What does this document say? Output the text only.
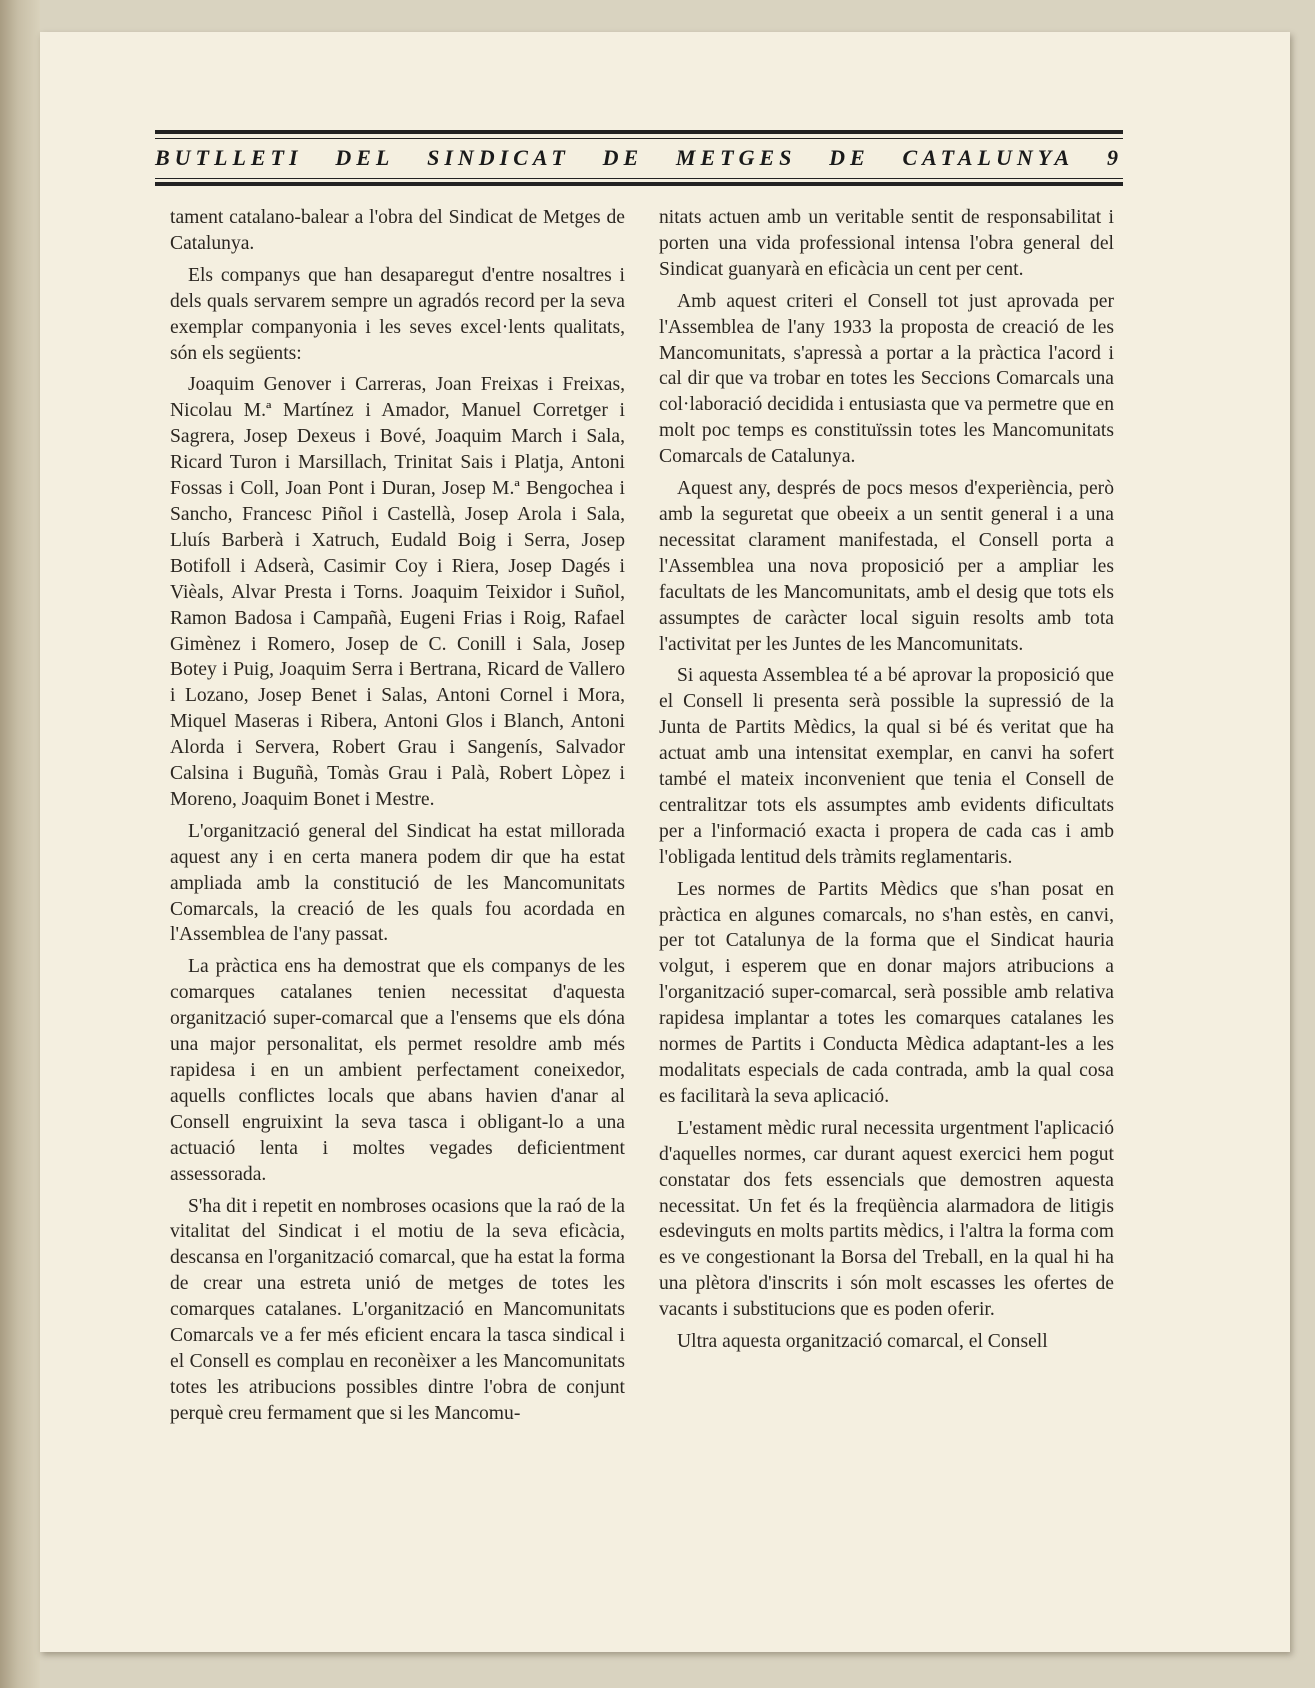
BUTLLETI DEL SINDICAT DE METGES DE CATALUNYA 9

tament catalano-balear a l'obra del Sindicat de Metges de Catalunya.

Els companys que han desaparegut d'entre nosaltres i dels quals servarem sempre un agradós record per la seva exemplar companyonia i les seves excel·lents qualitats, són els següents:

Joaquim Genover i Carreras, Joan Freixas i Freixas, Nicolau M.ª Martínez i Amador, Manuel Corretger i Sagrera, Josep Dexeus i Bové, Joaquim March i Sala, Ricard Turon i Marsillach, Trinitat Sais i Platja, Antoni Fossas i Coll, Joan Pont i Duran, Josep M.ª Bengochea i Sancho, Francesc Piñol i Castellà, Josep Arola i Sala, Lluís Barberà i Xatruch, Eudald Boig i Serra, Josep Botifoll i Adserà, Casimir Coy i Riera, Josep Dagés i Vièals, Alvar Presta i Torns. Joaquim Teixidor i Suñol, Ramon Badosa i Campañà, Eugeni Frias i Roig, Rafael Gimènez i Romero, Josep de C. Conill i Sala, Josep Botey i Puig, Joaquim Serra i Bertrana, Ricard de Vallero i Lozano, Josep Benet i Salas, Antoni Cornel i Mora, Miquel Maseras i Ribera, Antoni Glos i Blanch, Antoni Alorda i Servera, Robert Grau i Sangenís, Salvador Calsina i Buguñà, Tomàs Grau i Palà, Robert Lòpez i Moreno, Joaquim Bonet i Mestre.

L'organització general del Sindicat ha estat millorada aquest any i en certa manera podem dir que ha estat ampliada amb la constitució de les Mancomunitats Comarcals, la creació de les quals fou acordada en l'Assemblea de l'any passat.

La pràctica ens ha demostrat que els companys de les comarques catalanes tenien necessitat d'aquesta organització super-comarcal que a l'ensems que els dóna una major personalitat, els permet resoldre amb més rapidesa i en un ambient perfectament coneixedor, aquells conflictes locals que abans havien d'anar al Consell engruixint la seva tasca i obligant-lo a una actuació lenta i moltes vegades deficientment assessorada.

S'ha dit i repetit en nombroses ocasions que la raó de la vitalitat del Sindicat i el motiu de la seva eficàcia, descansa en l'organització comarcal, que ha estat la forma de crear una estreta unió de metges de totes les comarques catalanes. L'organització en Mancomunitats Comarcals ve a fer més eficient encara la tasca sindical i el Consell es complau en reconèixer a les Mancomunitats totes les atribucions possibles dintre l'obra de conjunt perquè creu fermament que si les Mancomu-

nitats actuen amb un veritable sentit de responsabilitat i porten una vida professional intensa l'obra general del Sindicat guanyarà en eficàcia un cent per cent.

Amb aquest criteri el Consell tot just aprovada per l'Assemblea de l'any 1933 la proposta de creació de les Mancomunitats, s'apressà a portar a la pràctica l'acord i cal dir que va trobar en totes les Seccions Comarcals una col·laboració decidida i entusiasta que va permetre que en molt poc temps es constituïssin totes les Mancomunitats Comarcals de Catalunya.

Aquest any, després de pocs mesos d'experiència, però amb la seguretat que obeeix a un sentit general i a una necessitat clarament manifestada, el Consell porta a l'Assemblea una nova proposició per a ampliar les facultats de les Mancomunitats, amb el desig que tots els assumptes de caràcter local siguin resolts amb tota l'activitat per les Juntes de les Mancomunitats.

Si aquesta Assemblea té a bé aprovar la proposició que el Consell li presenta serà possible la supressió de la Junta de Partits Mèdics, la qual si bé és veritat que ha actuat amb una intensitat exemplar, en canvi ha sofert també el mateix inconvenient que tenia el Consell de centralitzar tots els assumptes amb evidents dificultats per a l'informació exacta i propera de cada cas i amb l'obligada lentitud dels tràmits reglamentaris.

Les normes de Partits Mèdics que s'han posat en pràctica en algunes comarcals, no s'han estès, en canvi, per tot Catalunya de la forma que el Sindicat hauria volgut, i esperem que en donar majors atribucions a l'organització super-comarcal, serà possible amb relativa rapidesa implantar a totes les comarques catalanes les normes de Partits i Conducta Mèdica adaptant-les a les modalitats especials de cada contrada, amb la qual cosa es facilitarà la seva aplicació.

L'estament mèdic rural necessita urgentment l'aplicació d'aquelles normes, car durant aquest exercici hem pogut constatar dos fets essencials que demostren aquesta necessitat. Un fet és la freqüència alarmadora de litigis esdevinguts en molts partits mèdics, i l'altra la forma com es ve congestionant la Borsa del Treball, en la qual hi ha una plètora d'inscrits i són molt escasses les ofertes de vacants i substitucions que es poden oferir.

Ultra aquesta organització comarcal, el Consell
